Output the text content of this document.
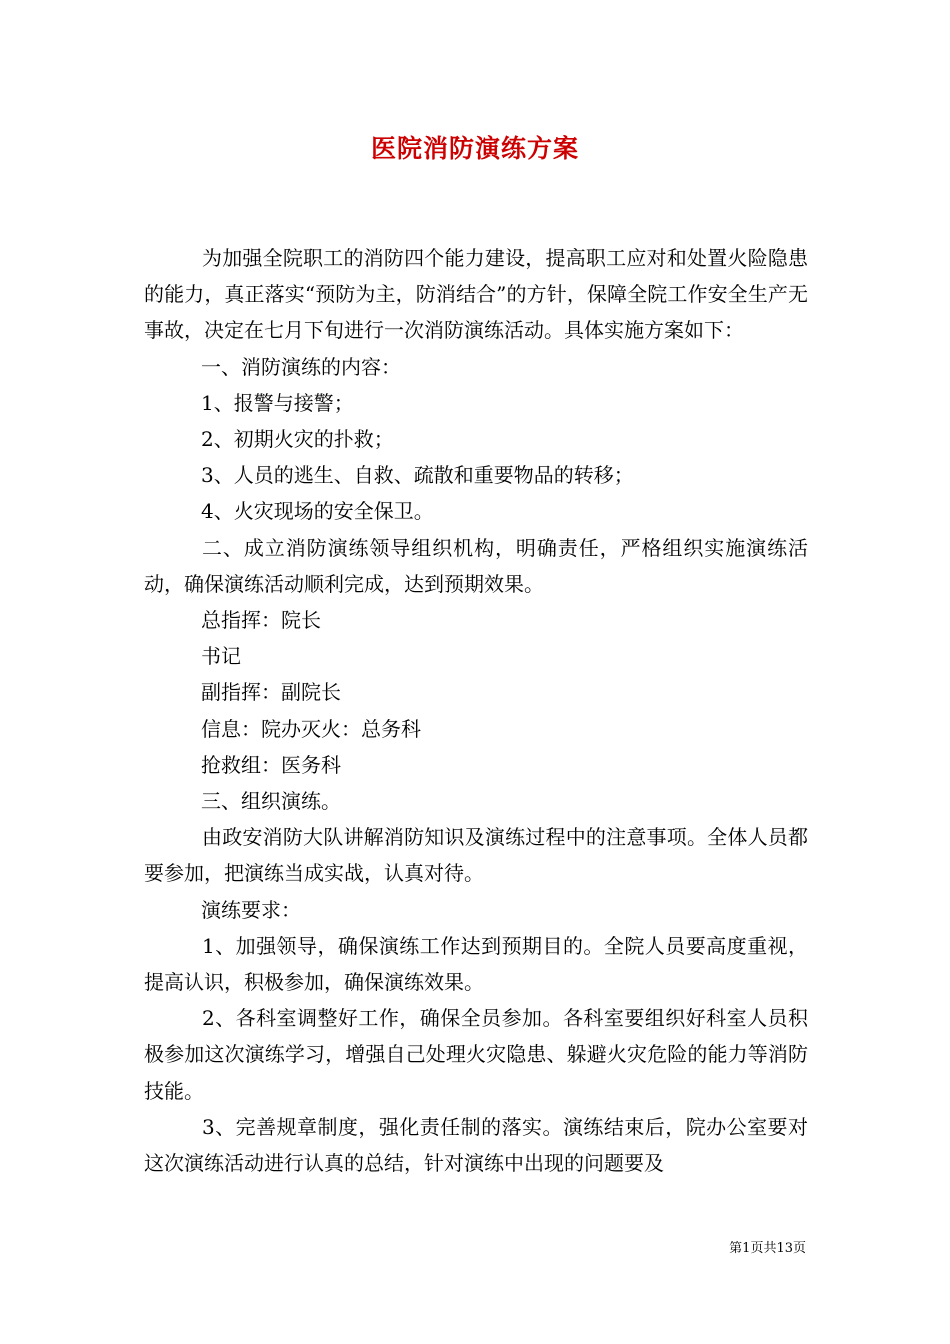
医院消防演练方案

为加强全院职工的消防四个能力建设，提高职工应对和处置火险隐患的能力，真正落实“预防为主，防消结合”的方针，保障全院工作安全生产无事故，决定在七月下旬进行一次消防演练活动。具体实施方案如下：

一、消防演练的内容：

1、报警与接警；

2、初期火灾的扑救；

3、人员的逃生、自救、疏散和重要物品的转移；

4、火灾现场的安全保卫。

二、成立消防演练领导组织机构，明确责任，严格组织实施演练活动，确保演练活动顺利完成，达到预期效果。

总指挥：院长

书记

副指挥：副院长

信息：院办灭火：总务科

抢救组：医务科

三、组织演练。

由政安消防大队讲解消防知识及演练过程中的注意事项。全体人员都要参加，把演练当成实战，认真对待。

演练要求：

1、加强领导，确保演练工作达到预期目的。全院人员要高度重视，提高认识，积极参加，确保演练效果。

2、各科室调整好工作，确保全员参加。各科室要组织好科室人员积极参加这次演练学习，增强自己处理火灾隐患、躲避火灾危险的能力等消防技能。

3、完善规章制度，强化责任制的落实。演练结束后，院办公室要对这次演练活动进行认真的总结，针对演练中出现的问题要及

第1页共13页
